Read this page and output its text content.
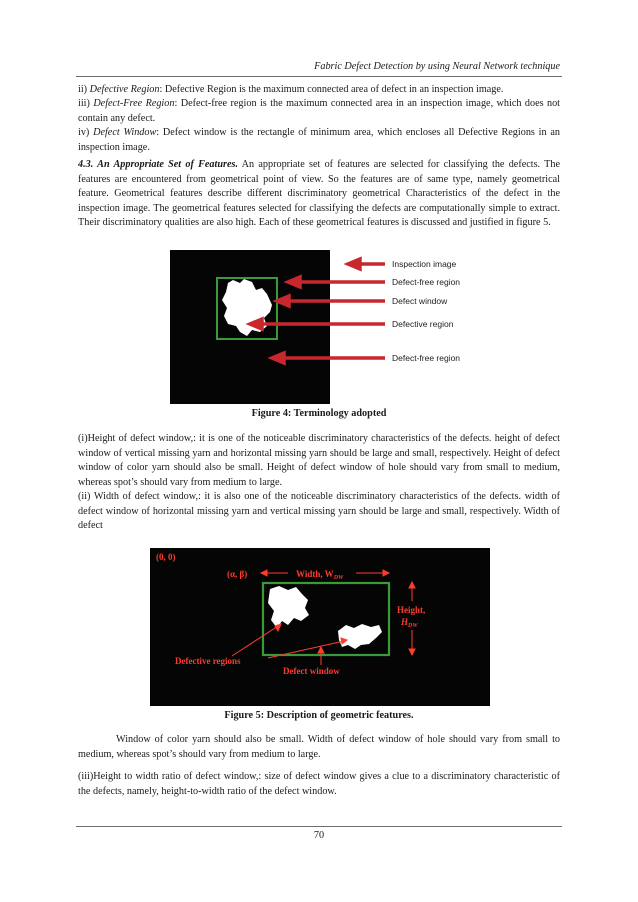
Fabric Defect Detection by using Neural Network technique

ii) Defective Region: Defective Region is the maximum connected area of defect in an inspection image.

iii) Defect-Free Region: Defect-free region is the maximum connected area in an inspection image, which does not contain any defect.

iv) Defect Window: Defect window is the rectangle of minimum area, which encloses all Defective Regions in an inspection image.

4.3. An Appropriate Set of Features. An appropriate set of features are selected for classifying the defects. The features are encountered from geometrical point of view. So the features are of same type, namely geometrical feature. Geometrical features describe different discriminatory geometrical Characteristics of the defect in the inspection image. The geometrical features selected for classifying the defects are computationally simple to extract. Their discriminatory qualities are also high. Each of these geometrical features is discussed and justified in figure 5.

Inspection image
Defect-free region
Defect window
Defective region
Defect-free region
Figure 4: Terminology adopted

(i)Height of defect window,: it is one of the noticeable discriminatory characteristics of the defects. height of defect window of vertical missing yarn and horizontal missing yarn should be large and small, respectively. Height of defect window of color yarn should also be small. Height of defect window of hole should vary from small to medium, whereas spot’s should vary from medium to large.

(ii) Width of defect window,: it is also one of the noticeable discriminatory characteristics of the defects. width of defect window of horizontal missing yarn and vertical missing yarn should be large and small, respectively. Width of defect

(0, 0)
(α, β)	Width, $W_{DW}$
Height,
$H_{DW}$
Defective regions
Defect window
Figure 5: Description of geometric features.

Window of color yarn should also be small. Width of defect window of hole should vary from small to medium, whereas spot’s should vary from medium to large.

(iii)Height to width ratio of defect window,: size of defect window gives a clue to a discriminatory characteristic of the defects, namely, height-to-width ratio of the defect window.

70
